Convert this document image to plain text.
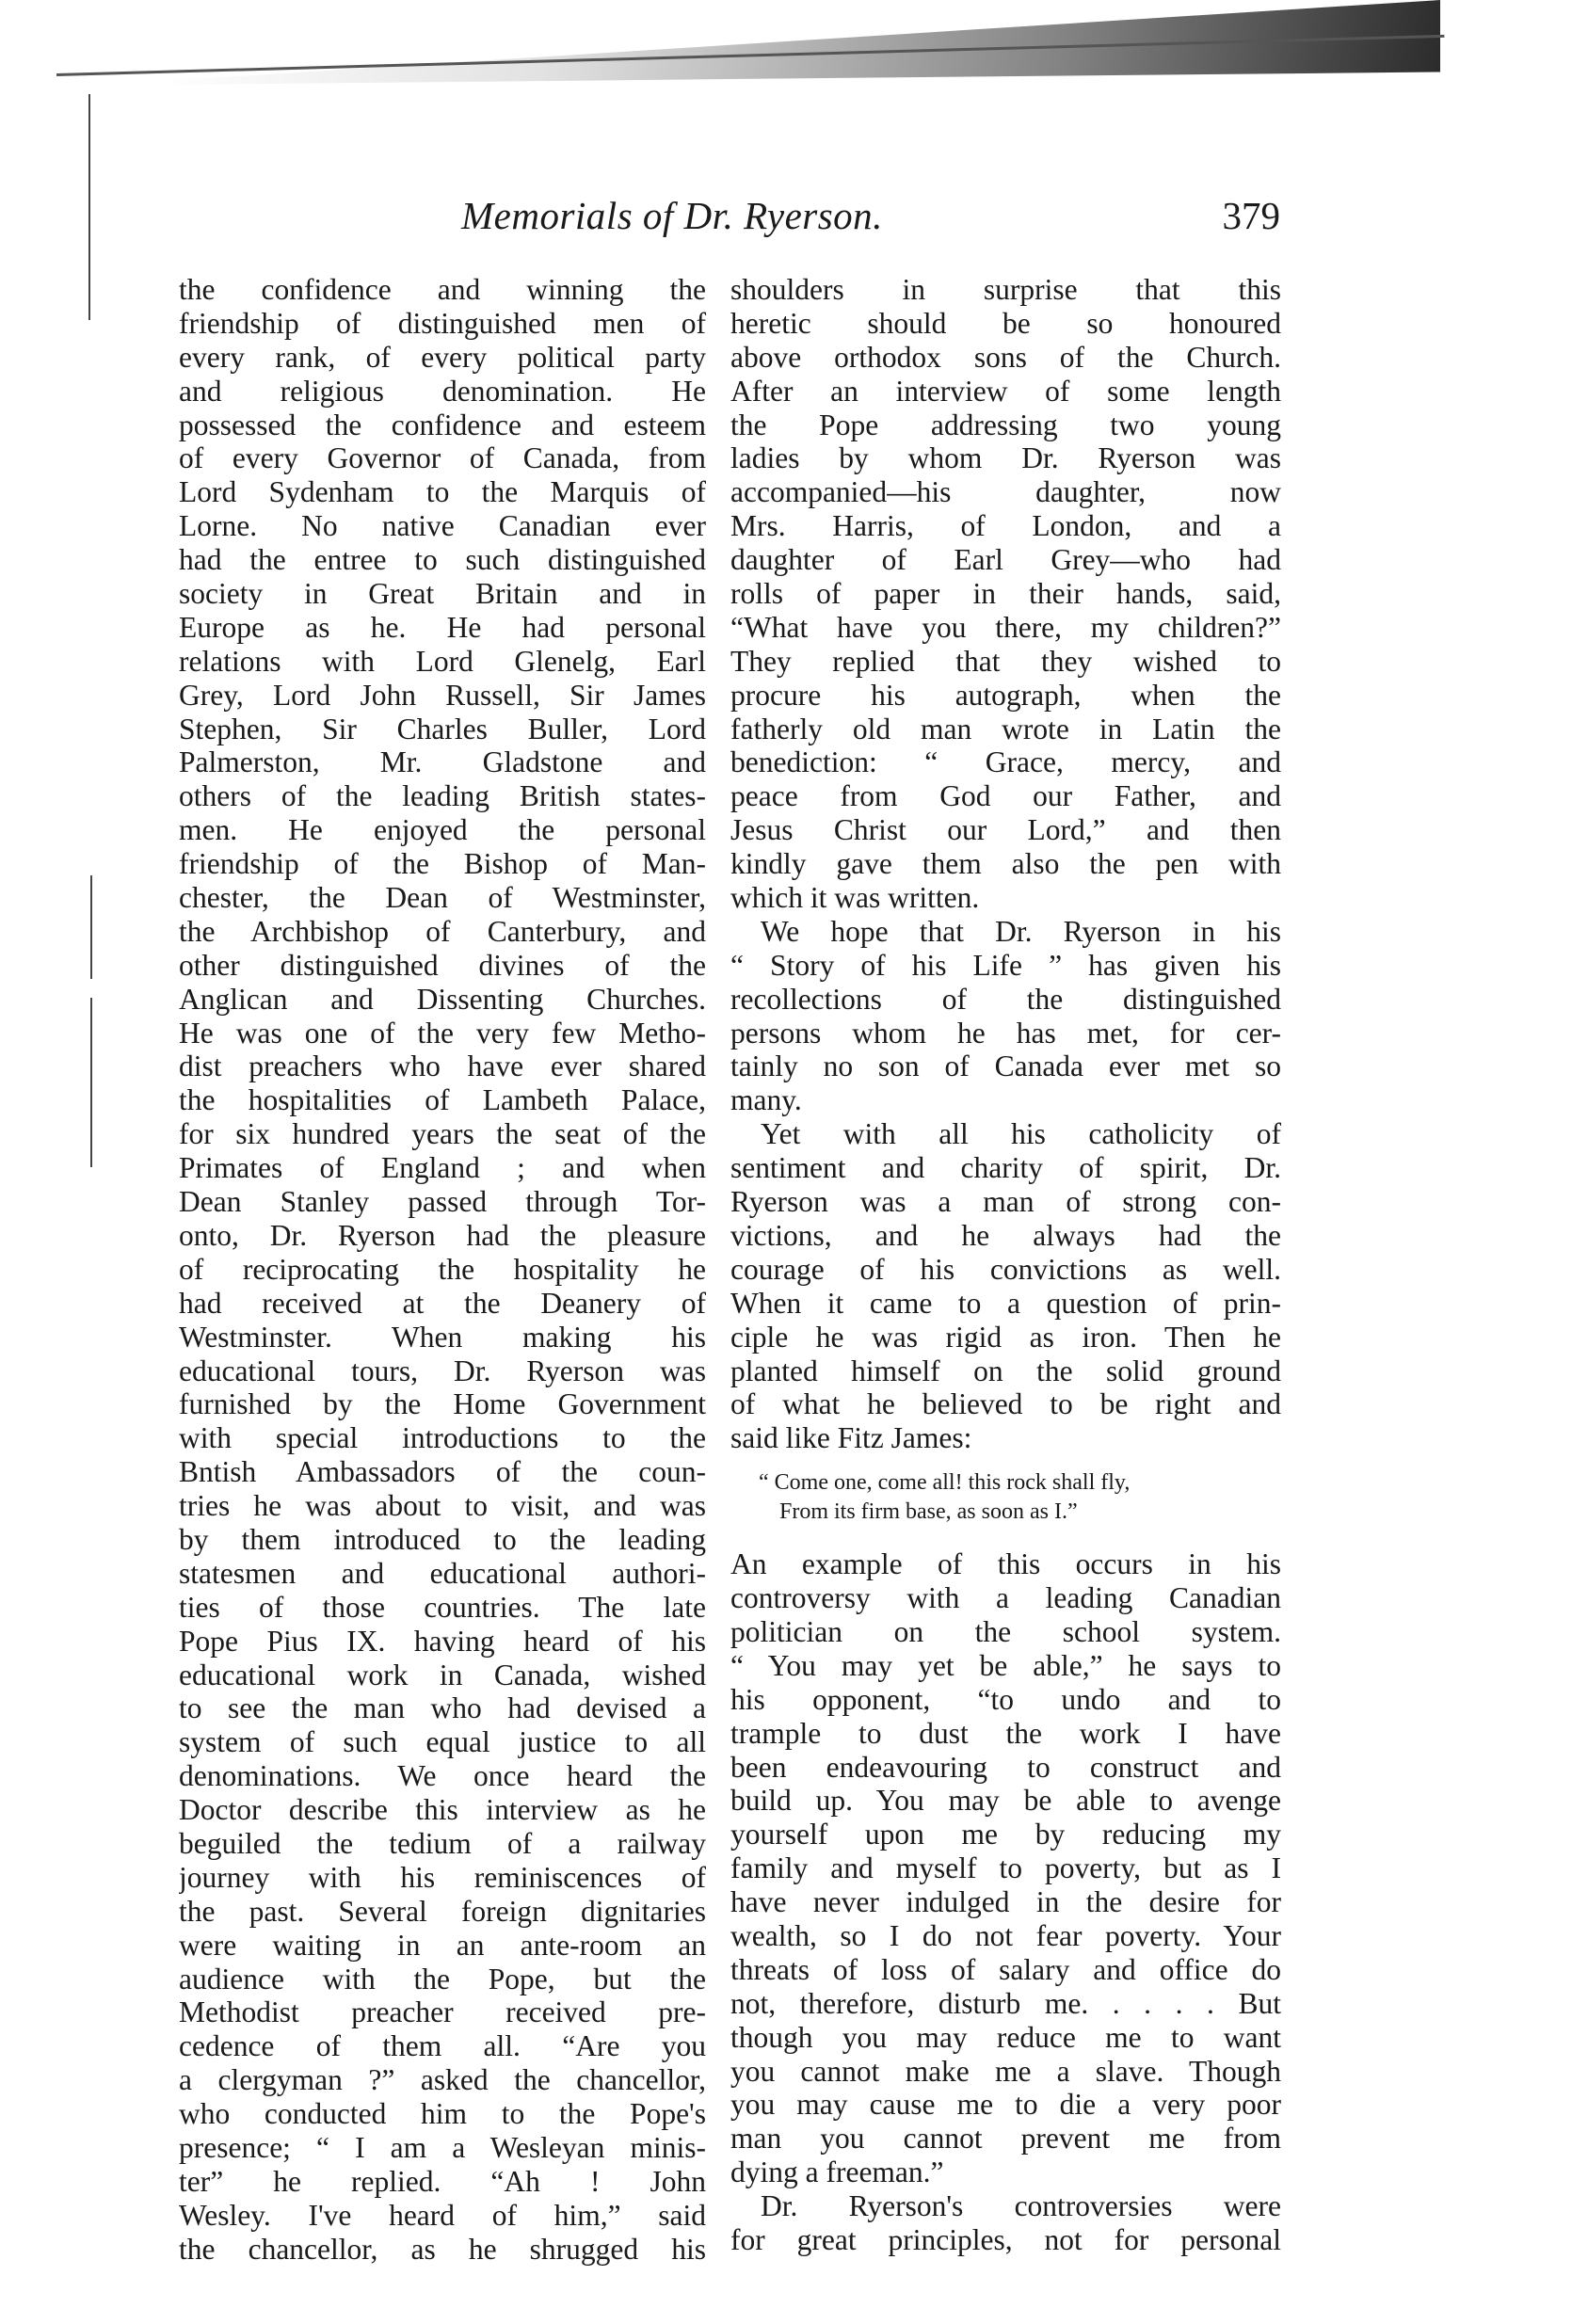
Memorials of Dr. Ryerson.	379
the confidence and winning the
friendship of distinguished men of
every rank, of every political party
and religious denomination. He
possessed the confidence and esteem
of every Governor of Canada, from
Lord Sydenham to the Marquis of
Lorne. No native Canadian ever
had the entree to such distinguished
society in Great Britain and in
Europe as he. He had personal
relations with Lord Glenelg, Earl
Grey, Lord John Russell, Sir James
Stephen, Sir Charles Buller, Lord
Palmerston, Mr. Gladstone and
others of the leading British states-
men. He enjoyed the personal
friendship of the Bishop of Man-
chester, the Dean of Westminster,
the Archbishop of Canterbury, and
other distinguished divines of the
Anglican and Dissenting Churches.
He was one of the very few Metho-
dist preachers who have ever shared
the hospitalities of Lambeth Palace,
for six hundred years the seat of the
Primates of England ; and when
Dean Stanley passed through Tor-
onto, Dr. Ryerson had the pleasure
of reciprocating the hospitality he
had received at the Deanery of
Westminster. When making his
educational tours, Dr. Ryerson was
furnished by the Home Government
with special introductions to the
Bntish Ambassadors of the coun-
tries he was about to visit, and was
by them introduced to the leading
statesmen and educational authori-
ties of those countries. The late
Pope Pius IX. having heard of his
educational work in Canada, wished
to see the man who had devised a
system of such equal justice to all
denominations. We once heard the
Doctor describe this interview as he
beguiled the tedium of a railway
journey with his reminiscences of
the past. Several foreign dignitaries
were waiting in an ante-room an
audience with the Pope, but the
Methodist preacher received pre-
cedence of them all. “Are you
a clergyman ?” asked the chancellor,
who conducted him to the Pope's
presence; “ I am a Wesleyan minis-
ter” he replied. “Ah ! John
Wesley. I've heard of him,” said
the chancellor, as he shrugged his
shoulders in surprise that this
heretic should be so honoured
above orthodox sons of the Church.
After an interview of some length
the Pope addressing two young
ladies by whom Dr. Ryerson was
accompanied—his daughter, now
Mrs. Harris, of London, and a
daughter of Earl Grey—who had
rolls of paper in their hands, said,
“What have you there, my children?”
They replied that they wished to
procure his autograph, when the
fatherly old man wrote in Latin the
benediction: “ Grace, mercy, and
peace from God our Father, and
Jesus Christ our Lord,” and then
kindly gave them also the pen with
which it was written.
We hope that Dr. Ryerson in his
“ Story of his Life ” has given his
recollections of the distinguished
persons whom he has met, for cer-
tainly no son of Canada ever met so
many.
Yet with all his catholicity of
sentiment and charity of spirit, Dr.
Ryerson was a man of strong con-
victions, and he always had the
courage of his convictions as well.
When it came to a question of prin-
ciple he was rigid as iron. Then he
planted himself on the solid ground
of what he believed to be right and
said like Fitz James:
“ Come one, come all! this rock shall fly,
From its firm base, as soon as I.”
An example of this occurs in his
controversy with a leading Canadian
politician on the school system.
“ You may yet be able,” he says to
his opponent, “to undo and to
trample to dust the work I have
been endeavouring to construct and
build up. You may be able to avenge
yourself upon me by reducing my
family and myself to poverty, but as I
have never indulged in the desire for
wealth, so I do not fear poverty. Your
threats of loss of salary and office do
not, therefore, disturb me. . . . . But
though you may reduce me to want
you cannot make me a slave. Though
you may cause me to die a very poor
man you cannot prevent me from
dying a freeman.”
Dr. Ryerson's controversies were
for great principles, not for personal
